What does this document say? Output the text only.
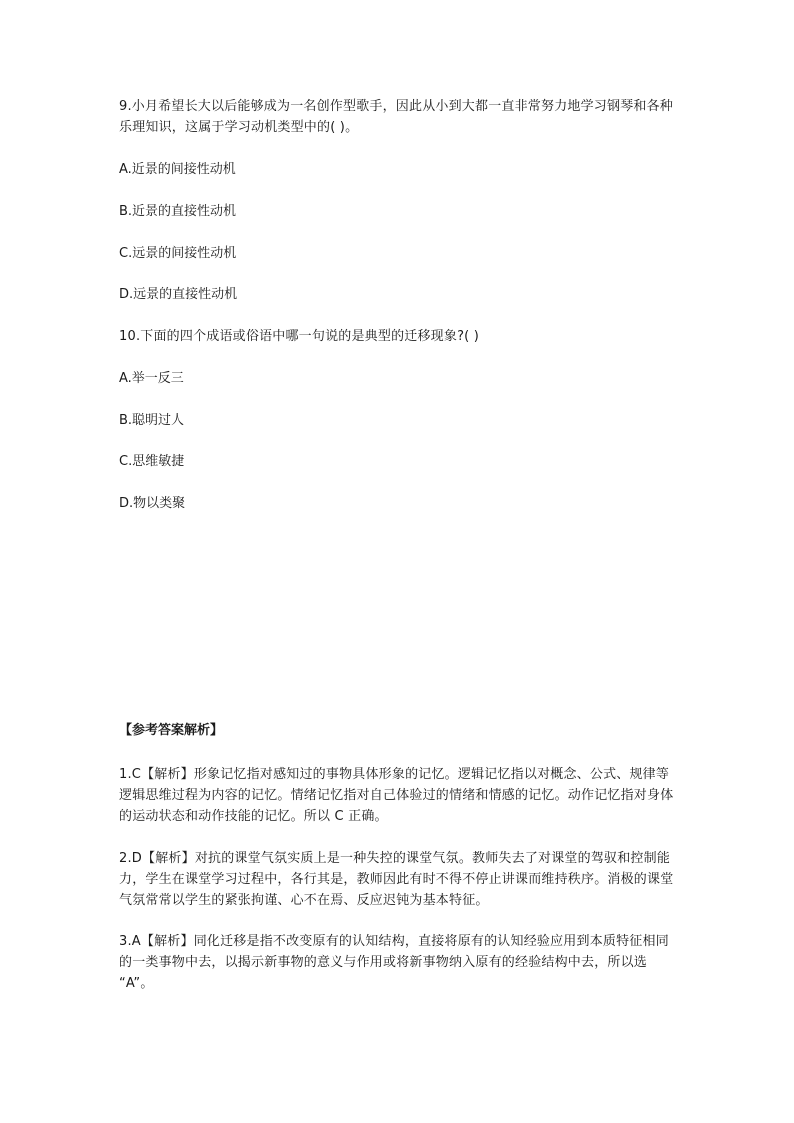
9.小月希望长大以后能够成为一名创作型歌手，因此从小到大都一直非常努力地学习钢琴和各种乐理知识，这属于学习动机类型中的( )。

A.近景的间接性动机

B.近景的直接性动机

C.远景的间接性动机

D.远景的直接性动机

10.下面的四个成语或俗语中哪一句说的是典型的迁移现象?( )

A.举一反三

B.聪明过人

C.思维敏捷

D.物以类聚

【参考答案解析】

1.C【解析】形象记忆指对感知过的事物具体形象的记忆。逻辑记忆指以对概念、公式、规律等逻辑思维过程为内容的记忆。情绪记忆指对自己体验过的情绪和情感的记忆。动作记忆指对身体的运动状态和动作技能的记忆。所以 C 正确。

2.D【解析】对抗的课堂气氛实质上是一种失控的课堂气氛。教师失去了对课堂的驾驭和控制能力，学生在课堂学习过程中，各行其是，教师因此有时不得不停止讲课而维持秩序。消极的课堂气氛常常以学生的紧张拘谨、心不在焉、反应迟钝为基本特征。

3.A【解析】同化迁移是指不改变原有的认知结构，直接将原有的认知经验应用到本质特征相同的一类事物中去，以揭示新事物的意义与作用或将新事物纳入原有的经验结构中去，所以选 “A”。
